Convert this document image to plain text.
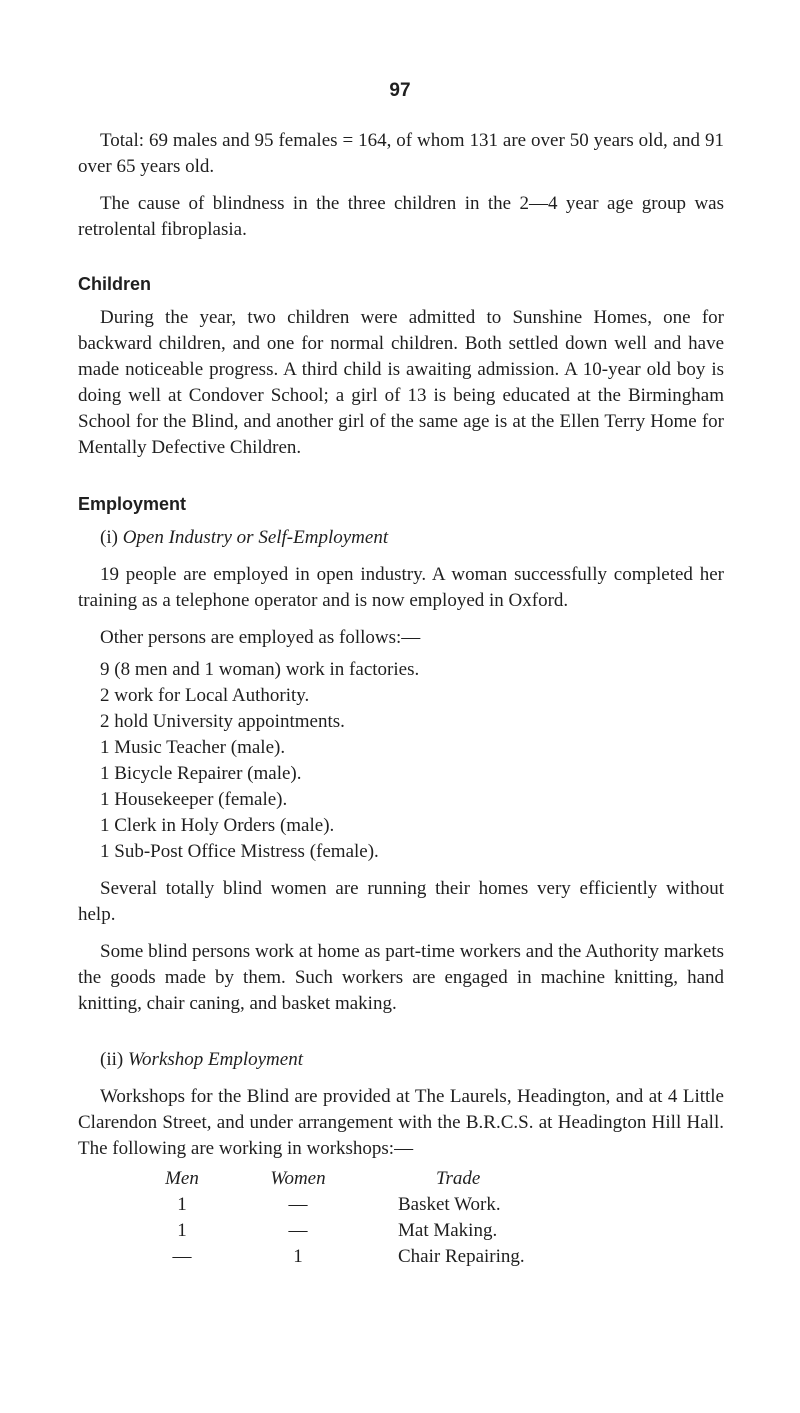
97

Total: 69 males and 95 females = 164, of whom 131 are over 50 years old, and 91 over 65 years old.

The cause of blindness in the three children in the 2—4 year age group was retrolental fibroplasia.

Children

During the year, two children were admitted to Sunshine Homes, one for backward children, and one for normal children. Both settled down well and have made noticeable progress. A third child is awaiting admission. A 10-year old boy is doing well at Condover School; a girl of 13 is being educated at the Birmingham School for the Blind, and another girl of the same age is at the Ellen Terry Home for Mentally Defective Children.

Employment
(i) Open Industry or Self-Employment

19 people are employed in open industry. A woman successfully completed her training as a telephone operator and is now employed in Oxford.

Other persons are employed as follows:—

9 (8 men and 1 woman) work in factories.
2 work for Local Authority.
2 hold University appointments.
1 Music Teacher (male).
1 Bicycle Repairer (male).
1 Housekeeper (female).
1 Clerk in Holy Orders (male).
1 Sub-Post Office Mistress (female).

Several totally blind women are running their homes very efficiently without help.

Some blind persons work at home as part-time workers and the Authority markets the goods made by them. Such workers are engaged in machine knitting, hand knitting, chair caning, and basket making.

(ii) Workshop Employment

Workshops for the Blind are provided at The Laurels, Headington, and at 4 Little Clarendon Street, and under arrangement with the B.R.C.S. at Headington Hill Hall. The following are working in workshops:—

Men	Women	Trade
1	—	Basket Work.
1	—	Mat Making.
—	1	Chair Repairing.
